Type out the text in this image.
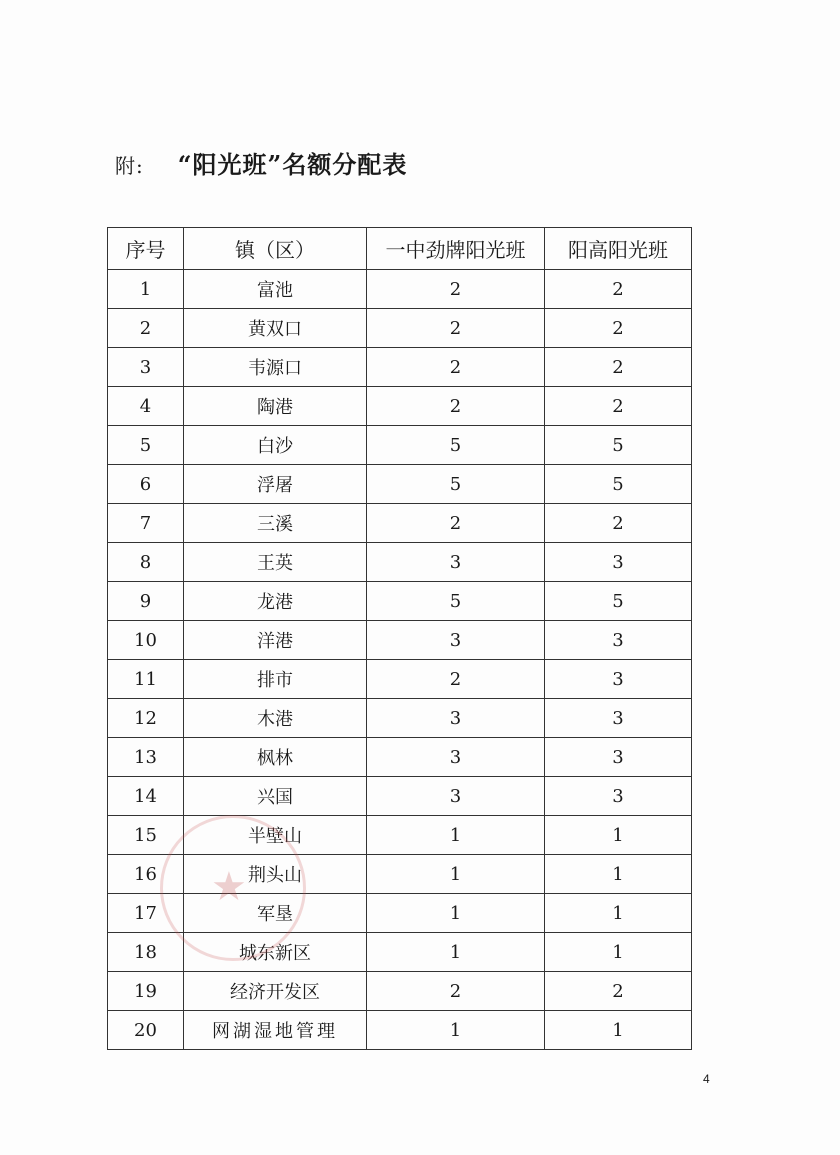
附: “阳光班”名额分配表
序号	镇（区）	一中劲牌阳光班	阳高阳光班
1	富池	2	2
2	黄双口	2	2
3	韦源口	2	2
4	陶港	2	2
5	白沙	5	5
6	浮屠	5	5
7	三溪	2	2
8	王英	3	3
9	龙港	5	5
10	洋港	3	3
11	排市	2	3
12	木港	3	3
13	枫林	3	3
14	兴国	3	3
15	半壁山	1	1
16	荆头山	1	1
17	军垦	1	1
18	城东新区	1	1
19	经济开发区	2	2
20	网湖湿地管理	1	1
★
4
